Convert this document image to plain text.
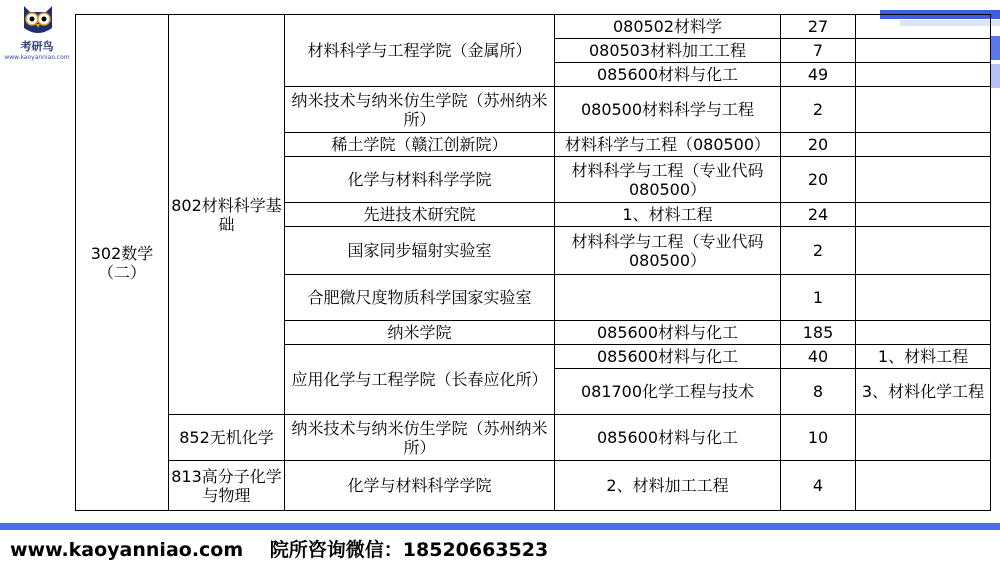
考研鸟
www.kaoyanniao.com
302数学（二）	802材料科学基础	材料科学与工程学院（金属所）	080502材料学	27	
			080503材料加工工程	7	
			085600材料与化工	49	
		纳米技术与纳米仿生学院（苏州纳米所）	080500材料科学与工程	2	
		稀土学院（赣江创新院）	材料科学与工程（080500）	20	
		化学与材料科学学院	材料科学与工程（专业代码080500）	20	
		先进技术研究院	1、材料工程	24	
		国家同步辐射实验室	材料科学与工程（专业代码080500）	2	
		合肥微尺度物质科学国家实验室		1	
		纳米学院	085600材料与化工	185	
		应用化学与工程学院（长春应化所）	085600材料与化工	40	1、材料工程
			081700化学工程与技术	8	3、材料化学工程

	852无机化学	纳米技术与纳米仿生学院（苏州纳米所）	085600材料与化工	10	
	813高分子化学与物理	化学与材料科学学院	2、材料加工工程	4	
www.kaoyanniao.com 院所咨询微信：18520663523
